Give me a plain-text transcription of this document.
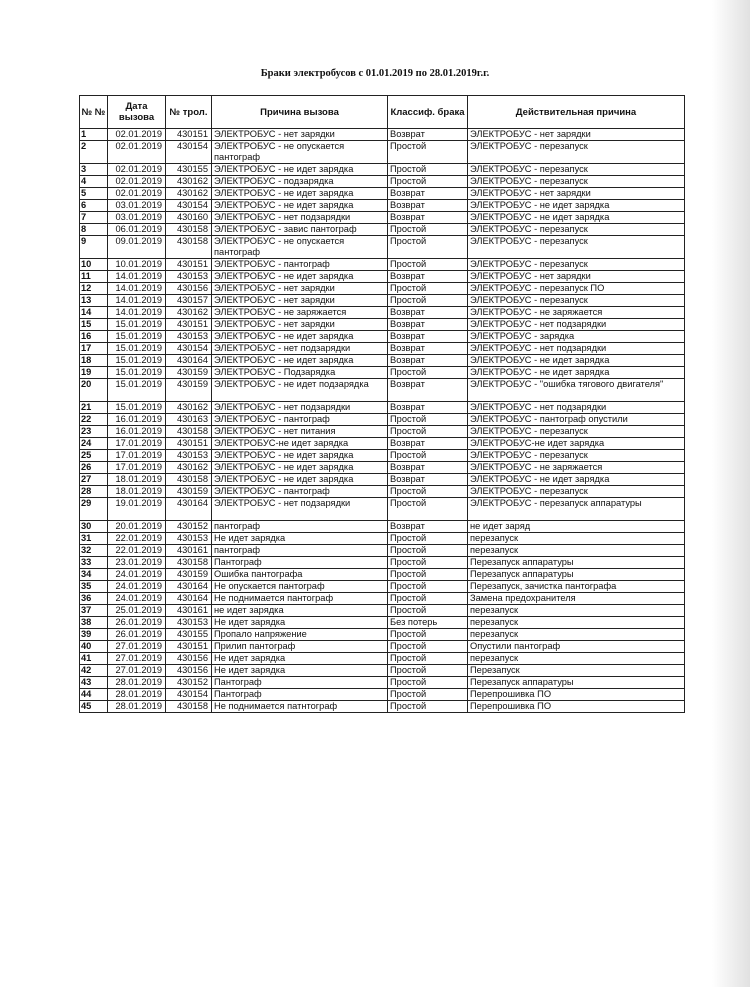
Браки электробусов с 01.01.2019 по 28.01.2019г.г.
№ №	Дата вызова	№ трол.	Причина вызова	Классиф. брака	Действительная причина
1	02.01.2019	430151	ЭЛЕКТРОБУС - нет зарядки	Возврат	ЭЛЕКТРОБУС - нет зарядки
2	02.01.2019	430154	ЭЛЕКТРОБУС - не опускается пантограф	Простой	ЭЛЕКТРОБУС - перезапуск
3	02.01.2019	430155	ЭЛЕКТРОБУС - не идет зарядка	Простой	ЭЛЕКТРОБУС - перезапуск
4	02.01.2019	430162	ЭЛЕКТРОБУС - подзарядка	Простой	ЭЛЕКТРОБУС - перезапуск
5	02.01.2019	430162	ЭЛЕКТРОБУС - не идет зарядка	Возврат	ЭЛЕКТРОБУС - нет зарядки
6	03.01.2019	430154	ЭЛЕКТРОБУС - не идет зарядка	Возврат	ЭЛЕКТРОБУС - не идет зарядка
7	03.01.2019	430160	ЭЛЕКТРОБУС - нет подзарядки	Возврат	ЭЛЕКТРОБУС - не идет зарядка
8	06.01.2019	430158	ЭЛЕКТРОБУС - завис пантограф	Простой	ЭЛЕКТРОБУС - перезапуск
9	09.01.2019	430158	ЭЛЕКТРОБУС - не опускается пантограф	Простой	ЭЛЕКТРОБУС - перезапуск
10	10.01.2019	430151	ЭЛЕКТРОБУС - пантограф	Простой	ЭЛЕКТРОБУС - перезапуск
11	14.01.2019	430153	ЭЛЕКТРОБУС - не идет зарядка	Возврат	ЭЛЕКТРОБУС - нет зарядки
12	14.01.2019	430156	ЭЛЕКТРОБУС - нет зарядки	Простой	ЭЛЕКТРОБУС - перезапуск ПО
13	14.01.2019	430157	ЭЛЕКТРОБУС - нет зарядки	Простой	ЭЛЕКТРОБУС - перезапуск
14	14.01.2019	430162	ЭЛЕКТРОБУС - не заряжается	Возврат	ЭЛЕКТРОБУС - не заряжается
15	15.01.2019	430151	ЭЛЕКТРОБУС - нет зарядки	Возврат	ЭЛЕКТРОБУС - нет подзарядки
16	15.01.2019	430153	ЭЛЕКТРОБУС - не идет зарядка	Возврат	ЭЛЕКТРОБУС - зарядка
17	15.01.2019	430154	ЭЛЕКТРОБУС - нет подзарядки	Возврат	ЭЛЕКТРОБУС - нет подзарядки
18	15.01.2019	430164	ЭЛЕКТРОБУС - не идет зарядка	Возврат	ЭЛЕКТРОБУС - не идет зарядка
19	15.01.2019	430159	ЭЛЕКТРОБУС - Подзарядка	Простой	ЭЛЕКТРОБУС - не идет зарядка
20	15.01.2019	430159	ЭЛЕКТРОБУС - не идет подзарядка	Возврат	ЭЛЕКТРОБУС - "ошибка тягового двигателя"
21	15.01.2019	430162	ЭЛЕКТРОБУС - нет подзарядки	Возврат	ЭЛЕКТРОБУС - нет подзарядки
22	16.01.2019	430163	ЭЛЕКТРОБУС - пантограф	Простой	ЭЛЕКТРОБУС - пантограф опустили
23	16.01.2019	430158	ЭЛЕКТРОБУС - нет питания	Простой	ЭЛЕКТРОБУС - перезапуск
24	17.01.2019	430151	ЭЛЕКТРОБУС-не идет зарядка	Возврат	ЭЛЕКТРОБУС-не идет зарядка
25	17.01.2019	430153	ЭЛЕКТРОБУС - не идет зарядка	Простой	ЭЛЕКТРОБУС - перезапуск
26	17.01.2019	430162	ЭЛЕКТРОБУС - не идет зарядка	Возврат	ЭЛЕКТРОБУС - не заряжается
27	18.01.2019	430158	ЭЛЕКТРОБУС - не идет зарядка	Возврат	ЭЛЕКТРОБУС - не идет зарядка
28	18.01.2019	430159	ЭЛЕКТРОБУС - пантограф	Простой	ЭЛЕКТРОБУС - перезапуск
29	19.01.2019	430164	ЭЛЕКТРОБУС - нет подзарядки	Простой	ЭЛЕКТРОБУС - перезапуск аппаратуры
30	20.01.2019	430152	пантограф	Возврат	не идет заряд
31	22.01.2019	430153	Не идет зарядка	Простой	перезапуск
32	22.01.2019	430161	пантограф	Простой	перезапуск
33	23.01.2019	430158	Пантограф	Простой	Перезапуск аппаратуры
34	24.01.2019	430159	Ошибка пантографа	Простой	Перезапуск аппаратуры
35	24.01.2019	430164	Не опускается пантограф	Простой	Перезапуск, зачистка пантографа
36	24.01.2019	430164	Не поднимается пантограф	Простой	Замена предохранителя
37	25.01.2019	430161	не идет зарядка	Простой	перезапуск
38	26.01.2019	430153	Не идет зарядка	Без потерь	перезапуск
39	26.01.2019	430155	Пропало напряжение	Простой	перезапуск
40	27.01.2019	430151	Прилип пантограф	Простой	Опустили пантограф
41	27.01.2019	430156	Не идет зарядка	Простой	перезапуск
42	27.01.2019	430156	Не идет зарядка	Простой	Перезапуск
43	28.01.2019	430152	Пантограф	Простой	Перезапуск аппаратуры
44	28.01.2019	430154	Пантограф	Простой	Перепрошивка ПО
45	28.01.2019	430158	Не поднимается патнтограф	Простой	Перепрошивка ПО
